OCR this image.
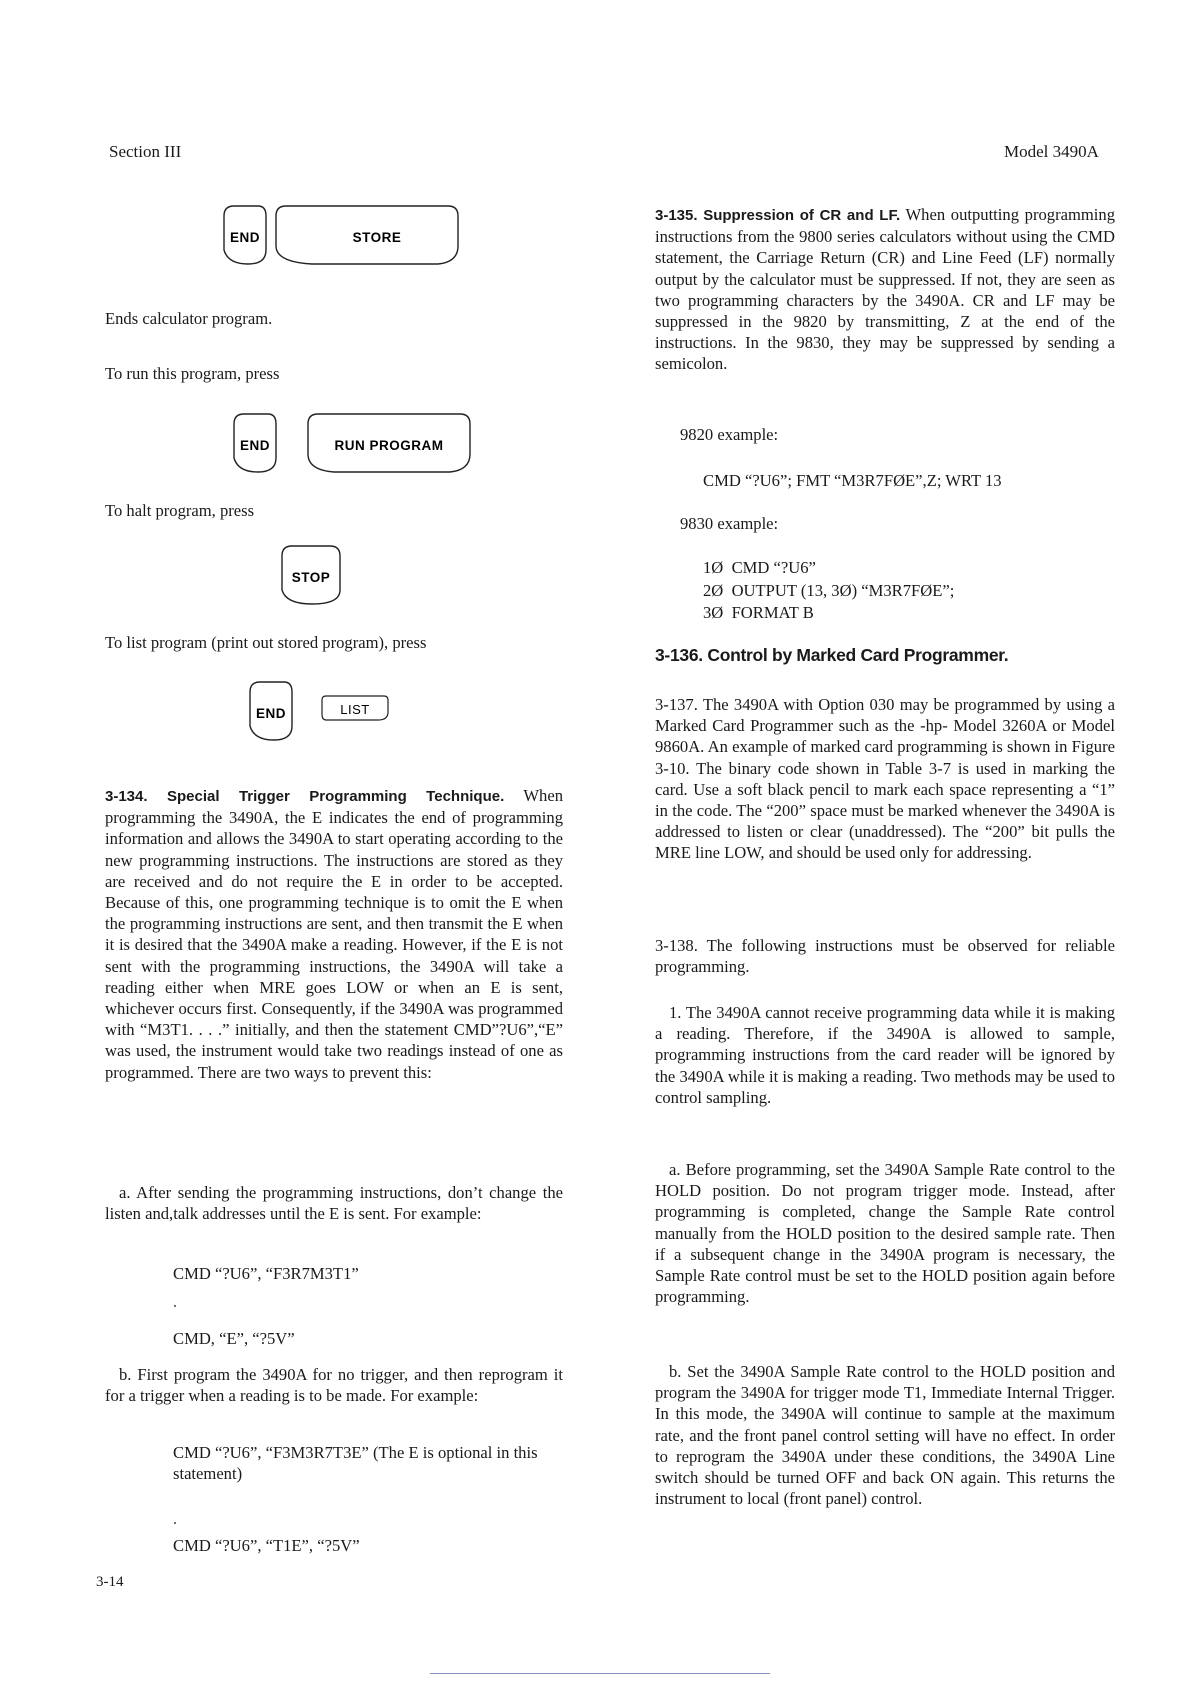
Section III	Model 3490A
END	STORE
Ends calculator program.
To run this program, press
END	RUN PROGRAM
To halt program, press
STOP
To list program (print out stored program), press
END	LIST
3-134. Special Trigger Programming Technique. When programming the 3490A, the E indicates the end of programming information and allows the 3490A to start operating according to the new programming instructions. The instructions are stored as they are received and do not require the E in order to be accepted. Because of this, one programming technique is to omit the E when the programming instructions are sent, and then transmit the E when it is desired that the 3490A make a reading. However, if the E is not sent with the programming instructions, the 3490A will take a reading either when MRE goes LOW or when an E is sent, whichever occurs first. Consequently, if the 3490A was programmed with “M3T1. . . .” initially, and then the statement CMD”?U6”,“E” was used, the instrument would take two readings instead of one as programmed. There are two ways to prevent this:
a. After sending the programming instructions, don’t change the listen and,talk addresses until the E is sent. For example:
CMD “?U6”, “F3R7M3T1”
CMD, “E”, “?5V”
b. First program the 3490A for no trigger, and then reprogram it for a trigger when a reading is to be made. For example:
CMD “?U6”, “F3M3R7T3E” (The E is optional in this statement)
CMD “?U6”, “T1E”, “?5V”
3-14
3-135. Suppression of CR and LF. When outputting programming instructions from the 9800 series calculators without using the CMD statement, the Carriage Return (CR) and Line Feed (LF) normally output by the calculator must be suppressed. If not, they are seen as two programming characters by the 3490A. CR and LF may be suppressed in the 9820 by transmitting, Z at the end of the instructions. In the 9830, they may be suppressed by sending a semicolon.
9820 example:
CMD “?U6”; FMT “M3R7FØE”,Z; WRT 13
9830 example:
1Ø  CMD “?U6”
2Ø  OUTPUT (13, 3Ø) “M3R7FØE”;
3Ø  FORMAT B
3-136. Control by Marked Card Programmer.
3-137. The 3490A with Option 030 may be programmed by using a Marked Card Programmer such as the -hp- Model 3260A or Model 9860A. An example of marked card programming is shown in Figure 3-10. The binary code shown in Table 3-7 is used in marking the card. Use a soft black pencil to mark each space representing a “1” in the code. The “200” space must be marked whenever the 3490A is addressed to listen or clear (unaddressed). The “200” bit pulls the MRE line LOW, and should be used only for addressing.
3-138. The following instructions must be observed for reliable programming.
1. The 3490A cannot receive programming data while it is making a reading. Therefore, if the 3490A is allowed to sample, programming instructions from the card reader will be ignored by the 3490A while it is making a reading. Two methods may be used to control sampling.
a. Before programming, set the 3490A Sample Rate control to the HOLD position. Do not program trigger mode. Instead, after programming is completed, change the Sample Rate control manually from the HOLD position to the desired sample rate. Then if a subsequent change in the 3490A program is necessary, the Sample Rate control must be set to the HOLD position again before programming.
b. Set the 3490A Sample Rate control to the HOLD position and program the 3490A for trigger mode T1, Immediate Internal Trigger. In this mode, the 3490A will continue to sample at the maximum rate, and the front panel control setting will have no effect. In order to reprogram the 3490A under these conditions, the 3490A Line switch should be turned OFF and back ON again. This returns the instrument to local (front panel) control.
